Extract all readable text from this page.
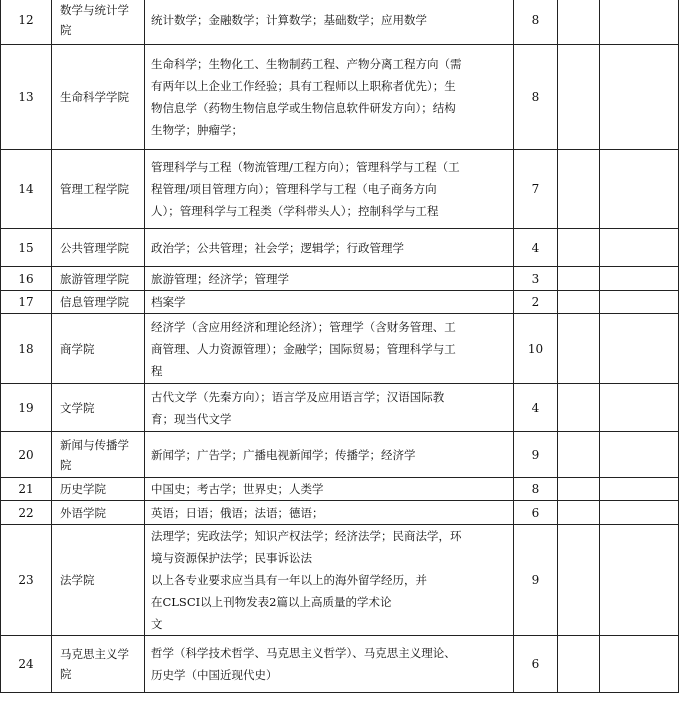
12	数学与统计学院	统计数学；金融数学；计算数学；基础数学；应用数学	8		
13	生命科学学院	生命科学；生物化工、生物制药工程、产物分离工程方向（需
有两年以上企业工作经验；具有工程师以上职称者优先）；生
物信息学（药物生物信息学或生物信息软件研发方向）；结构
生物学；肿瘤学；	8		
14	管理工程学院	管理科学与工程（物流管理/工程方向）；管理科学与工程（工
程管理/项目管理方向）；管理科学与工程（电子商务方向
人）；管理科学与工程类（学科带头人）；控制科学与工程	7		
15	公共管理学院	政治学；公共管理；社会学；逻辑学；行政管理学	4		
16	旅游管理学院	旅游管理；经济学；管理学	3		
17	信息管理学院	档案学	2		
18	商学院	经济学（含应用经济和理论经济）；管理学（含财务管理、工
商管理、人力资源管理）；金融学；国际贸易；管理科学与工
程	10		
19	文学院	古代文学（先秦方向）；语言学及应用语言学；汉语国际教
育；现当代文学	4		
20	新闻与传播学院	新闻学；广告学；广播电视新闻学；传播学；经济学	9		
21	历史学院	中国史；考古学；世界史；人类学	8		
22	外语学院	英语；日语；俄语；法语；德语；	6		
23	法学院	法理学；宪政法学；知识产权法学；经济法学；民商法学，环
境与资源保护法学；民事诉讼法
以上各专业要求应当具有一年以上的海外留学经历，并
在CLSCI以上刊物发表2篇以上高质量的学术论
文	9		
24	马克思主义学院	哲学（科学技术哲学、马克思主义哲学）、马克思主义理论、
历史学（中国近现代史）	6		
